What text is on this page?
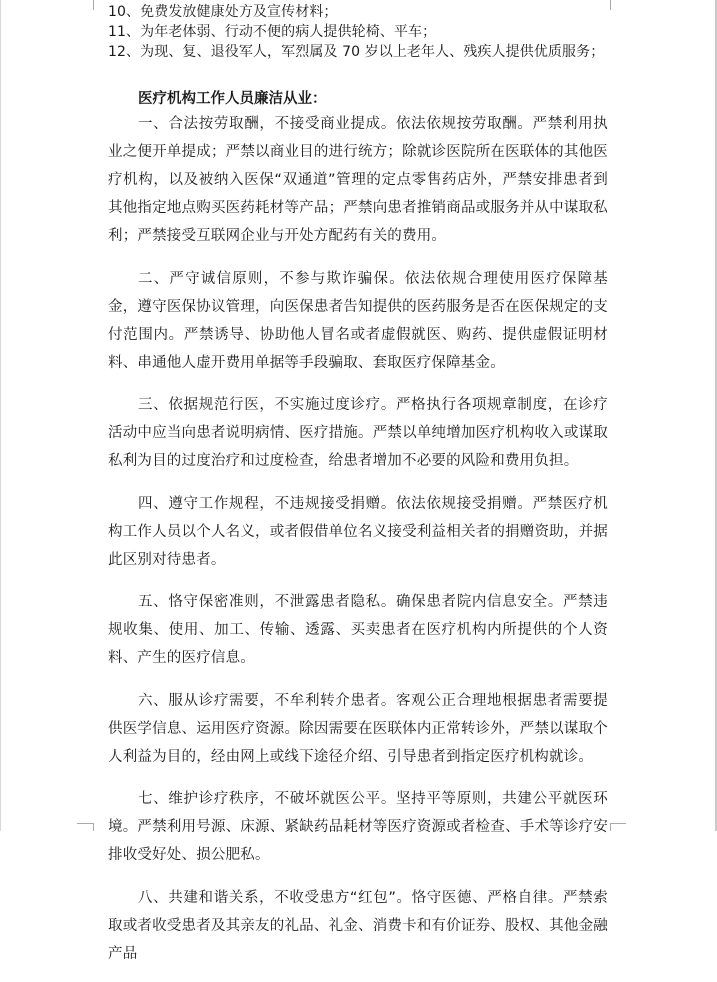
10、免费发放健康处方及宣传材料；
11、为年老体弱、行动不便的病人提供轮椅、平车；
12、为现、复、退役军人，军烈属及 70 岁以上老年人、残疾人提供优质服务；
医疗机构工作人员廉洁从业：

一、合法按劳取酬，不接受商业提成。依法依规按劳取酬。严禁利用执业之便开单提成；严禁以商业目的进行统方；除就诊医院所在医联体的其他医疗机构，以及被纳入医保“双通道”管理的定点零售药店外，严禁安排患者到其他指定地点购买医药耗材等产品；严禁向患者推销商品或服务并从中谋取私利；严禁接受互联网企业与开处方配药有关的费用。

二、严守诚信原则，不参与欺诈骗保。依法依规合理使用医疗保障基金，遵守医保协议管理，向医保患者告知提供的医药服务是否在医保规定的支付范围内。严禁诱导、协助他人冒名或者虚假就医、购药、提供虚假证明材料、串通他人虚开费用单据等手段骗取、套取医疗保障基金。

三、依据规范行医，不实施过度诊疗。严格执行各项规章制度，在诊疗活动中应当向患者说明病情、医疗措施。严禁以单纯增加医疗机构收入或谋取私利为目的过度治疗和过度检查，给患者增加不必要的风险和费用负担。

四、遵守工作规程，不违规接受捐赠。依法依规接受捐赠。严禁医疗机构工作人员以个人名义，或者假借单位名义接受利益相关者的捐赠资助，并据此区别对待患者。

五、恪守保密准则，不泄露患者隐私。确保患者院内信息安全。严禁违规收集、使用、加工、传输、透露、买卖患者在医疗机构内所提供的个人资料、产生的医疗信息。

六、服从诊疗需要，不牟利转介患者。客观公正合理地根据患者需要提供医学信息、运用医疗资源。除因需要在医联体内正常转诊外，严禁以谋取个人利益为目的，经由网上或线下途径介绍、引导患者到指定医疗机构就诊。

七、维护诊疗秩序，不破坏就医公平。坚持平等原则，共建公平就医环境。严禁利用号源、床源、紧缺药品耗材等医疗资源或者检查、手术等诊疗安排收受好处、损公肥私。

八、共建和谐关系，不收受患方“红包”。恪守医德、严格自律。严禁索取或者收受患者及其亲友的礼品、礼金、消费卡和有价证券、股权、其他金融产品
